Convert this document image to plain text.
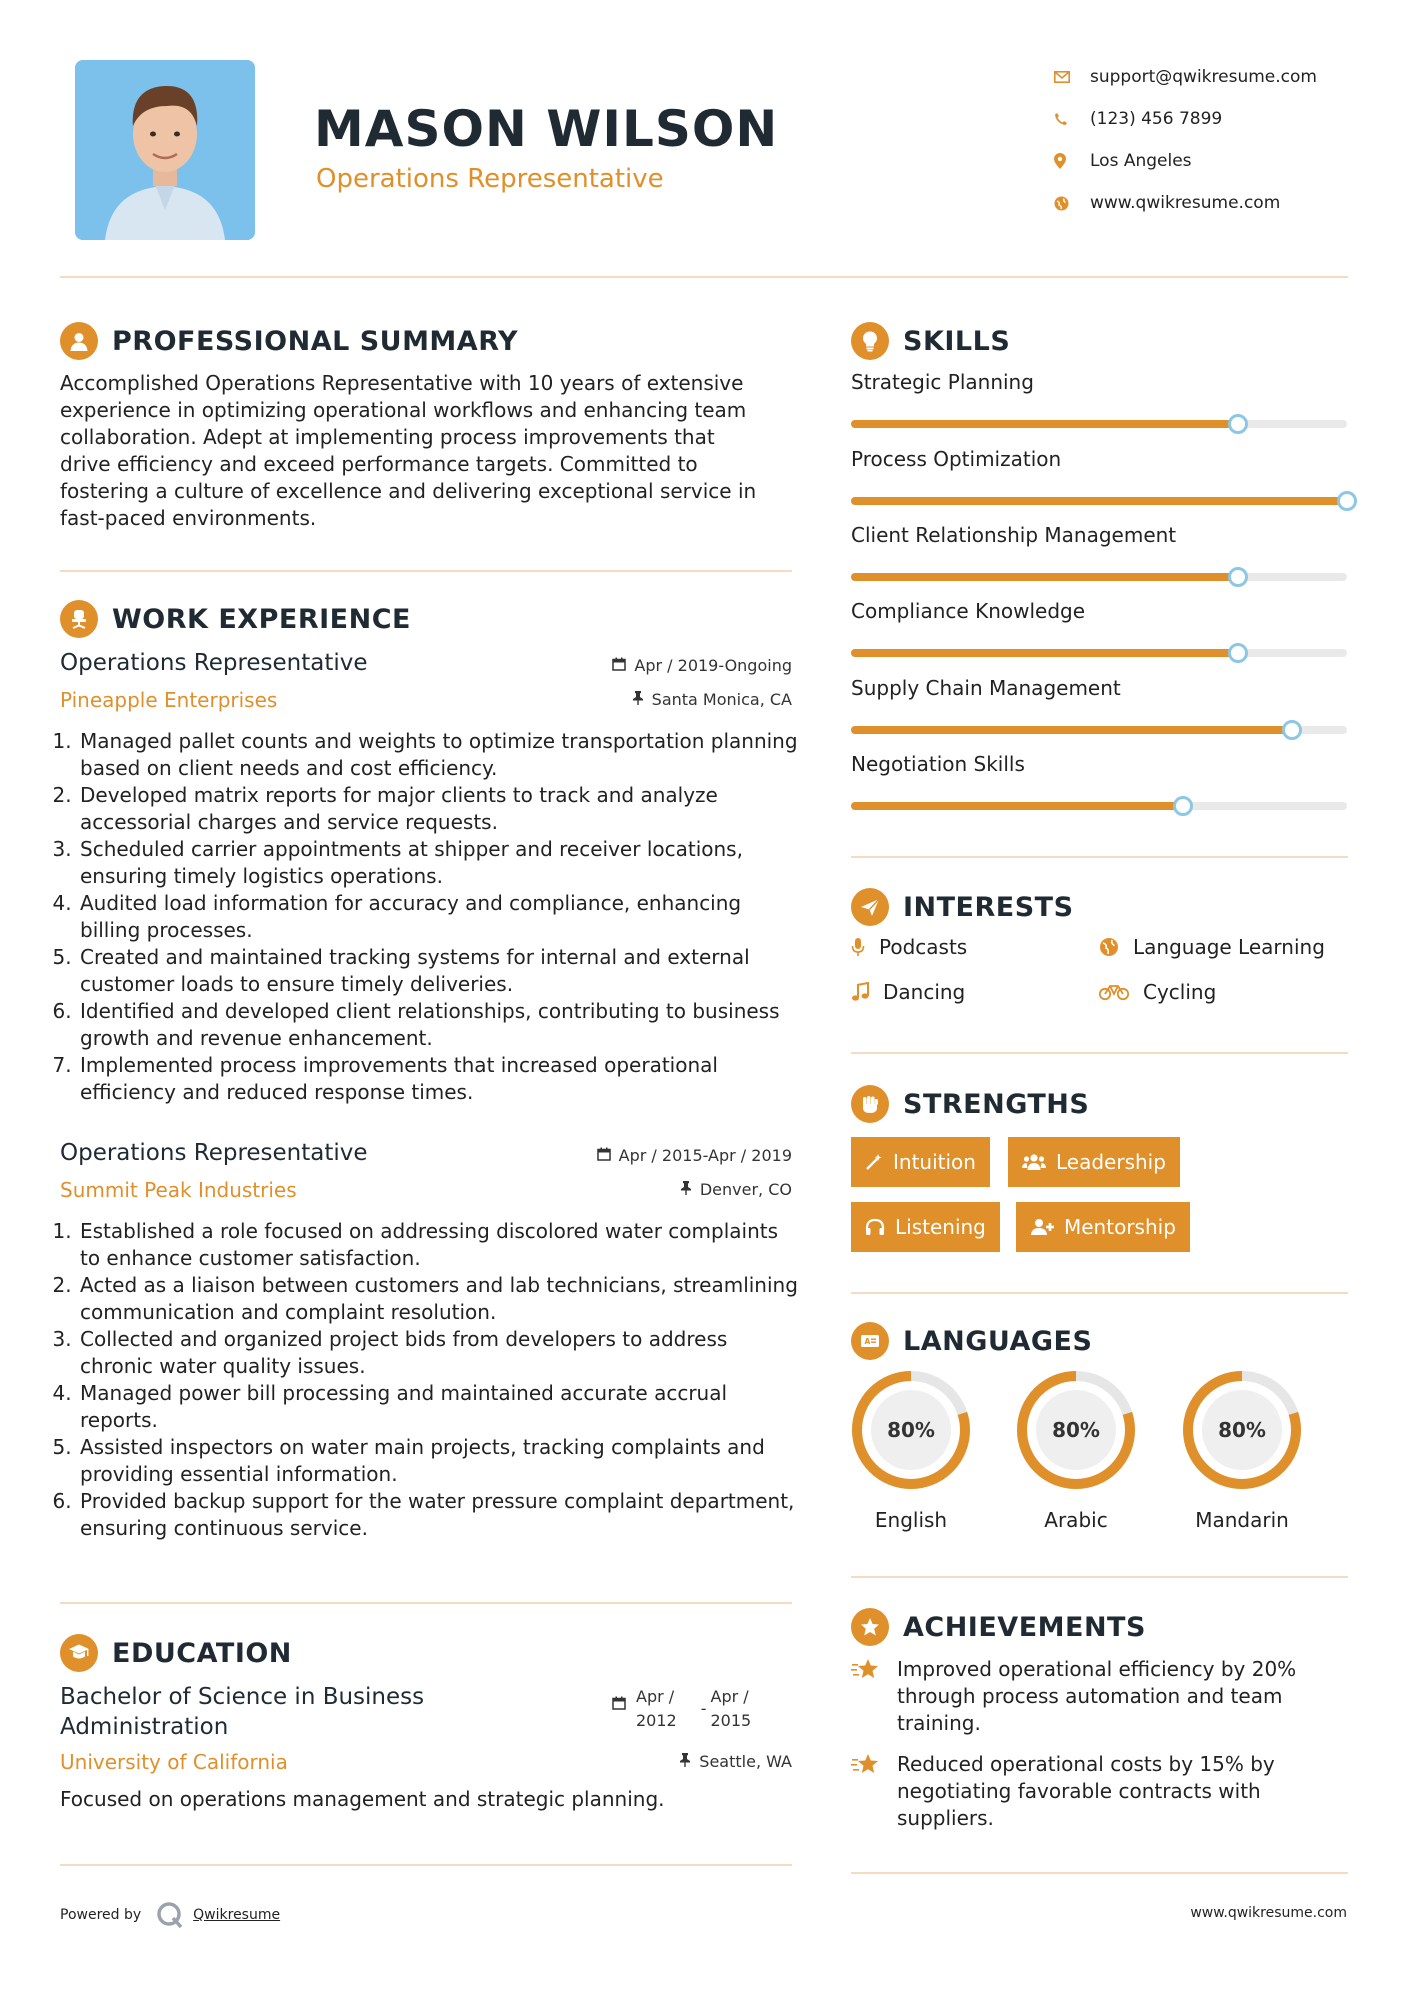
MASON WILSON
Operations Representative
support@qwikresume.com
(123) 456 7899
Los Angeles
www.qwikresume.com
PROFESSIONAL SUMMARY
Accomplished Operations Representative with 10 years of extensive
experience in optimizing operational workflows and enhancing team
collaboration. Adept at implementing process improvements that
drive efficiency and exceed performance targets. Committed to
fostering a culture of excellence and delivering exceptional service in
fast-paced environments.
WORK EXPERIENCE
Operations Representative
Pineapple Enterprises
Apr / 2019-Ongoing
Santa Monica, CA
1. Managed pallet counts and weights to optimize transportation planning based on client needs and cost efficiency.
2. Developed matrix reports for major clients to track and analyze accessorial charges and service requests.
3. Scheduled carrier appointments at shipper and receiver locations, ensuring timely logistics operations.
4. Audited load information for accuracy and compliance, enhancing billing processes.
5. Created and maintained tracking systems for internal and external customer loads to ensure timely deliveries.
6. Identified and developed client relationships, contributing to business growth and revenue enhancement.
7. Implemented process improvements that increased operational efficiency and reduced response times.
Operations Representative
Summit Peak Industries
Apr / 2015-Apr / 2019
Denver, CO
1. Established a role focused on addressing discolored water complaints to enhance customer satisfaction.
2. Acted as a liaison between customers and lab technicians, streamlining communication and complaint resolution.
3. Collected and organized project bids from developers to address chronic water quality issues.
4. Managed power bill processing and maintained accurate accrual reports.
5. Assisted inspectors on water main projects, tracking complaints and providing essential information.
6. Provided backup support for the water pressure complaint department, ensuring continuous service.
EDUCATION
Bachelor of Science in Business
Administration
University of California
Apr /
2012
-
Apr /
2015
Seattle, WA
Focused on operations management and strategic planning.
SKILLS
Strategic Planning
Process Optimization
Client Relationship Management
Compliance Knowledge
Supply Chain Management
Negotiation Skills
INTERESTS
Podcasts	Language Learning
Dancing	Cycling
STRENGTHS
Intuition	Leadership
Listening	Mentorship
A LANGUAGES
80%
English
80%
Arabic
80%
Mandarin
ACHIEVEMENTS
Improved operational efficiency by 20%
through process automation and team
training.
Reduced operational costs by 15% by
negotiating favorable contracts with
suppliers.
Powered by	Qwikresume	www.qwikresume.com
